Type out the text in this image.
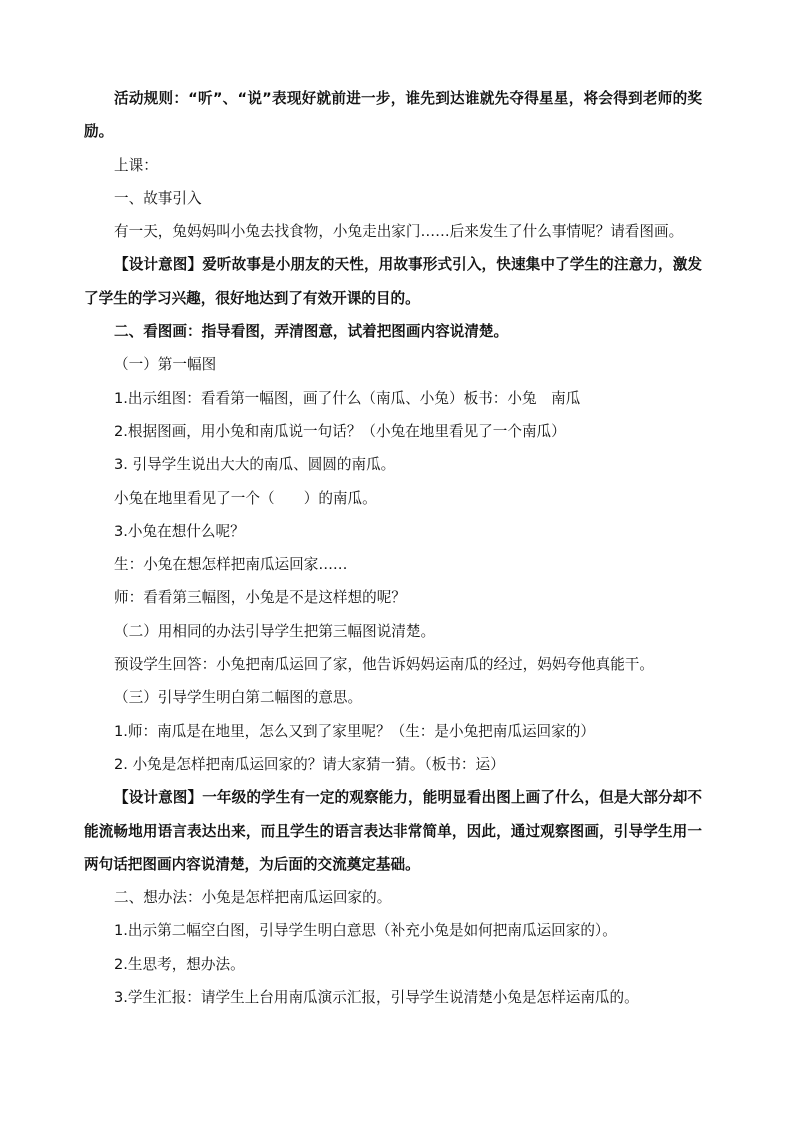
活动规则：“听”、“说”表现好就前进一步，谁先到达谁就先夺得星星，将会得到老师的奖励。

上课：

一、故事引入

有一天，兔妈妈叫小兔去找食物，小兔走出家门……后来发生了什么事情呢？请看图画。

【设计意图】爱听故事是小朋友的天性，用故事形式引入，快速集中了学生的注意力，激发了学生的学习兴趣，很好地达到了有效开课的目的。

二、看图画：指导看图，弄清图意，试着把图画内容说清楚。

（一）第一幅图

1.出示组图：看看第一幅图，画了什么（南瓜、小兔）板书：小兔　南瓜

2.根据图画，用小兔和南瓜说一句话？（小兔在地里看见了一个南瓜）

3. 引导学生说出大大的南瓜、圆圆的南瓜。

小兔在地里看见了一个（　　）的南瓜。

3.小兔在想什么呢？

生：小兔在想怎样把南瓜运回家……

师：看看第三幅图，小兔是不是这样想的呢？

（二）用相同的办法引导学生把第三幅图说清楚。

预设学生回答：小兔把南瓜运回了家，他告诉妈妈运南瓜的经过，妈妈夸他真能干。

（三）引导学生明白第二幅图的意思。

1.师：南瓜是在地里，怎么又到了家里呢？（生：是小兔把南瓜运回家的）

2. 小兔是怎样把南瓜运回家的？请大家猜一猜。（板书：运）

【设计意图】一年级的学生有一定的观察能力，能明显看出图上画了什么，但是大部分却不能流畅地用语言表达出来，而且学生的语言表达非常简单，因此，通过观察图画，引导学生用一两句话把图画内容说清楚，为后面的交流奠定基础。

二、想办法：小兔是怎样把南瓜运回家的。

1.出示第二幅空白图，引导学生明白意思（补充小兔是如何把南瓜运回家的）。

2.生思考，想办法。

3.学生汇报：请学生上台用南瓜演示汇报，引导学生说清楚小兔是怎样运南瓜的。
